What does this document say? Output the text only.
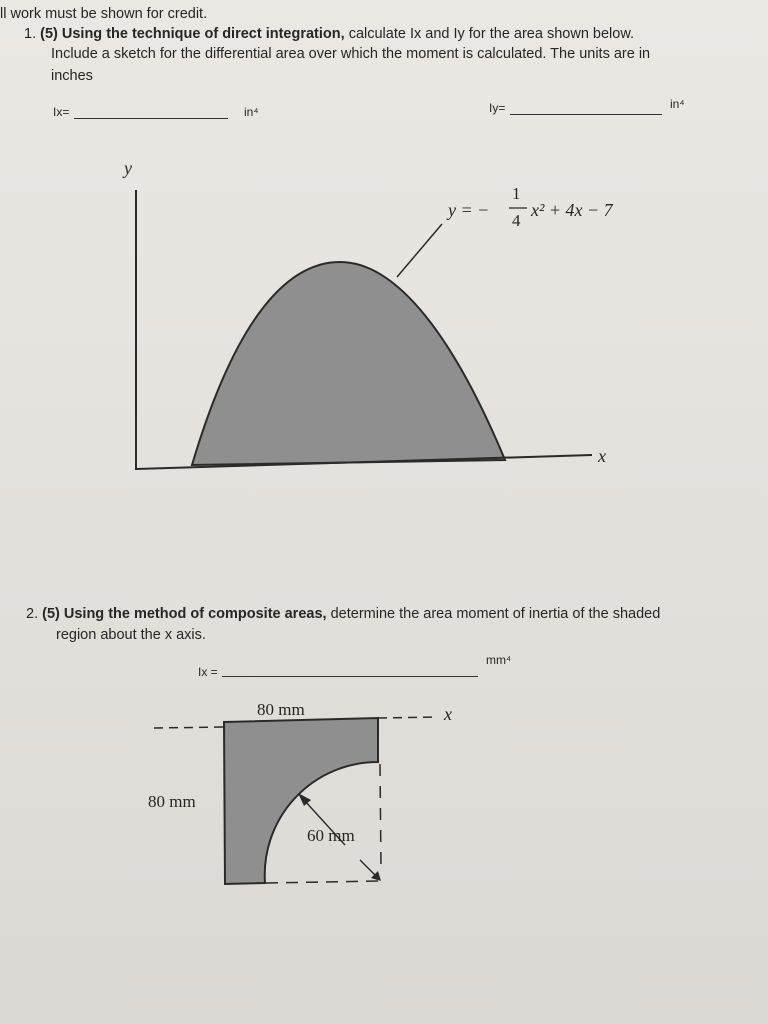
ll work must be shown for credit.
1. (5) Using the technique of direct integration, calculate Ix and Iy for the area shown below.
Include a sketch for the differential area over which the moment is calculated. The units are in
inches
Ix=	in⁴	Iy=	in⁴
y
x
y = −
1
4
x² + 4x − 7
2. (5) Using the method of composite areas, determine the area moment of inertia of the shaded
region about the x axis.
Ix =
mm⁴
80 mm
80 mm
60 mm
x
